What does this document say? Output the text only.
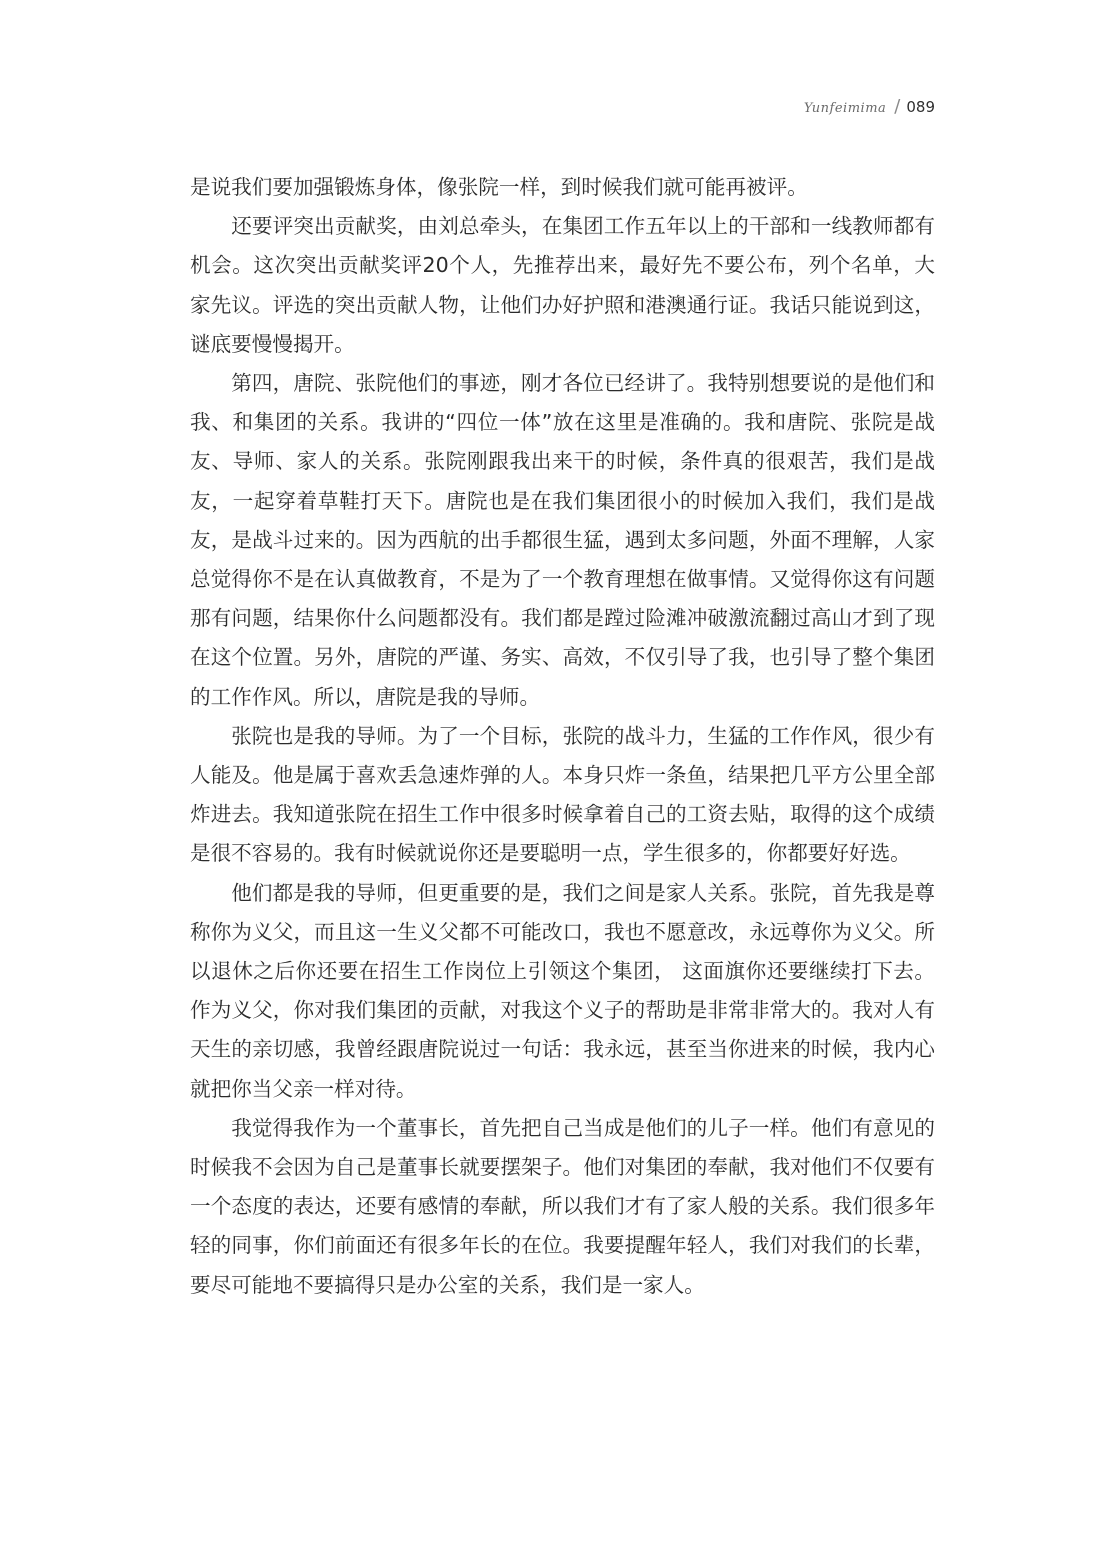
Yunfeimima / 089

是说我们要加强锻炼身体，像张院一样，到时候我们就可能再被评。

还要评突出贡献奖，由刘总牵头，在集团工作五年以上的干部和一线教师都有机会。这次突出贡献奖评20个人，先推荐出来，最好先不要公布，列个名单，大家先议。评选的突出贡献人物，让他们办好护照和港澳通行证。我话只能说到这，谜底要慢慢揭开。

第四，唐院、张院他们的事迹，刚才各位已经讲了。我特别想要说的是他们和我、和集团的关系。我讲的“四位一体”放在这里是准确的。我和唐院、张院是战友、导师、家人的关系。张院刚跟我出来干的时候，条件真的很艰苦，我们是战友，一起穿着草鞋打天下。唐院也是在我们集团很小的时候加入我们，我们是战友，是战斗过来的。因为西航的出手都很生猛，遇到太多问题，外面不理解，人家总觉得你不是在认真做教育，不是为了一个教育理想在做事情。又觉得你这有问题那有问题，结果你什么问题都没有。我们都是蹚过险滩冲破激流翻过高山才到了现在这个位置。另外，唐院的严谨、务实、高效，不仅引导了我，也引导了整个集团的工作作风。所以，唐院是我的导师。

张院也是我的导师。为了一个目标，张院的战斗力，生猛的工作作风，很少有人能及。他是属于喜欢丢急速炸弹的人。本身只炸一条鱼，结果把几平方公里全部炸进去。我知道张院在招生工作中很多时候拿着自己的工资去贴，取得的这个成绩是很不容易的。我有时候就说你还是要聪明一点，学生很多的，你都要好好选。

他们都是我的导师，但更重要的是，我们之间是家人关系。张院，首先我是尊称你为义父，而且这一生义父都不可能改口，我也不愿意改，永远尊你为义父。所以退休之后你还要在招生工作岗位上引领这个集团， 这面旗你还要继续打下去。作为义父，你对我们集团的贡献，对我这个义子的帮助是非常非常大的。我对人有天生的亲切感，我曾经跟唐院说过一句话：我永远，甚至当你进来的时候，我内心就把你当父亲一样对待。

我觉得我作为一个董事长，首先把自己当成是他们的儿子一样。他们有意见的时候我不会因为自己是董事长就要摆架子。他们对集团的奉献，我对他们不仅要有一个态度的表达，还要有感情的奉献，所以我们才有了家人般的关系。我们很多年轻的同事，你们前面还有很多年长的在位。我要提醒年轻人，我们对我们的长辈，要尽可能地不要搞得只是办公室的关系，我们是一家人。
